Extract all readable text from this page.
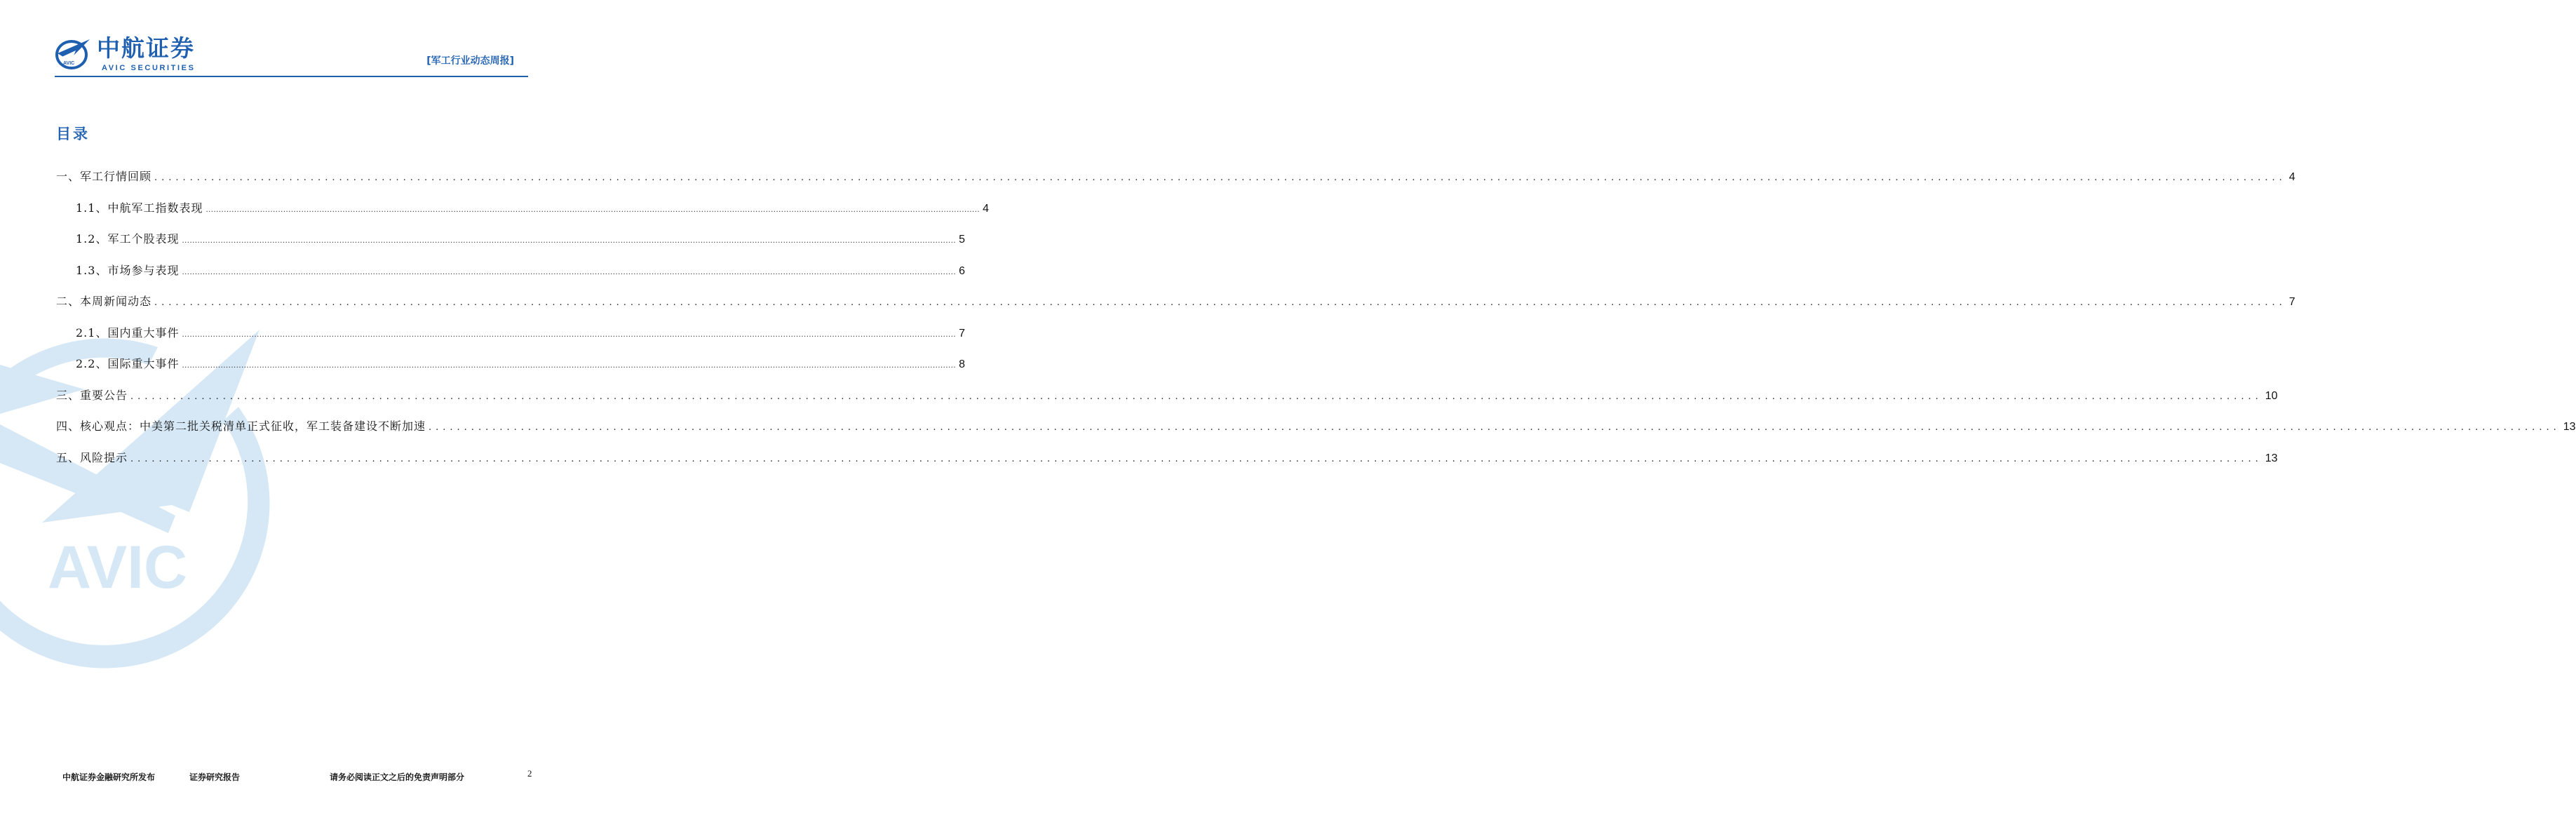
AVIC
AVIC
中航证券
AVIC SECURITIES
[军工行业动态周报]
目录
一、军工行情回顾 ............................................................................................................................................................................................................................................................................................................ 4
1.1、中航军工指数表现 ............................................................................................................................................................................................................................................................................................................ 4
1.2、军工个股表现 ............................................................................................................................................................................................................................................................................................................ 5
1.3、市场参与表现 ............................................................................................................................................................................................................................................................................................................ 6
二、本周新闻动态 ............................................................................................................................................................................................................................................................................................................ 7
2.1、国内重大事件 ............................................................................................................................................................................................................................................................................................................ 7
2.2、国际重大事件 ............................................................................................................................................................................................................................................................................................................ 8
三、重要公告 ............................................................................................................................................................................................................................................................................................................ 10
四、核心观点：中美第二批关税清单正式征收，军工装备建设不断加速 ............................................................................................................................................................................................................................................................................................................ 13
五、风险提示 ............................................................................................................................................................................................................................................................................................................ 13
中航证券金融研究所发布	证券研究报告	请务必阅读正文之后的免责声明部分	2
